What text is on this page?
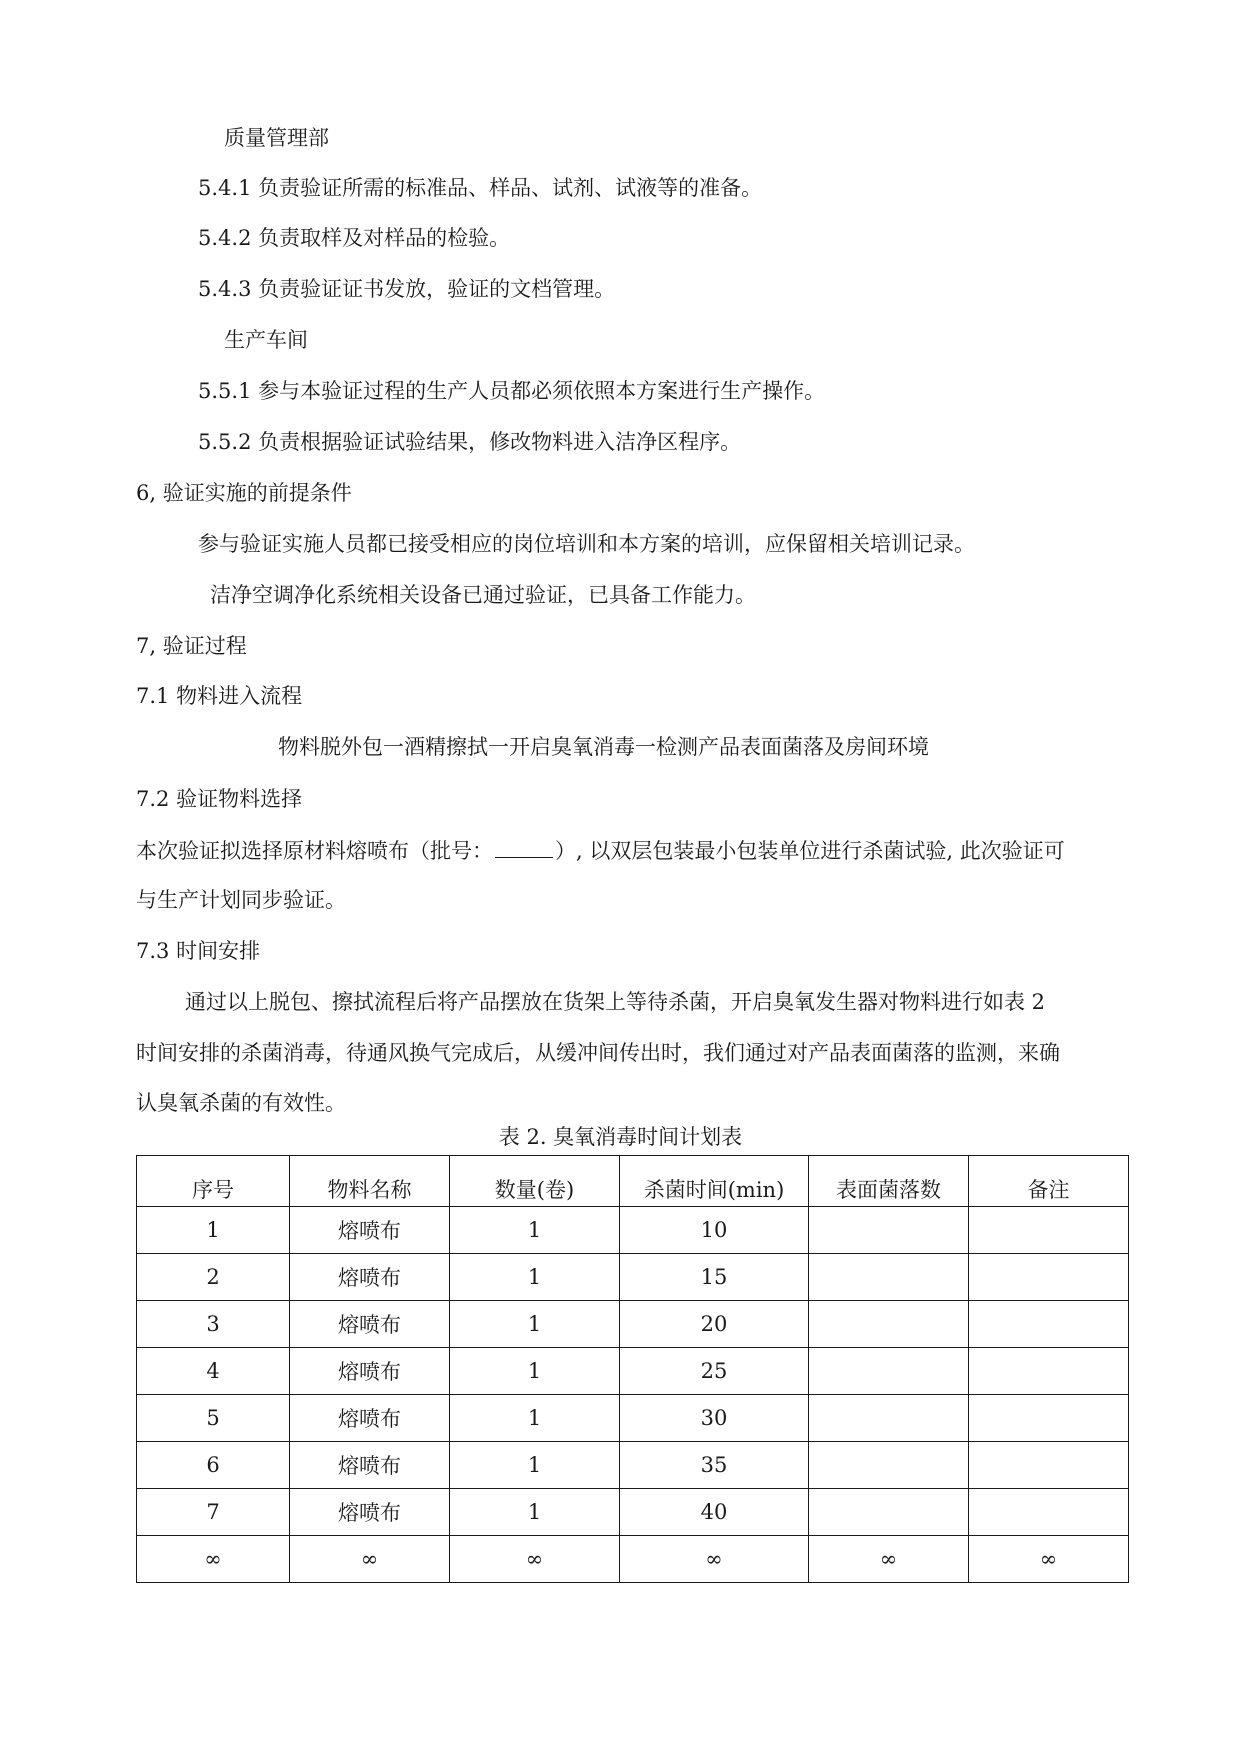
质量管理部
5.4.1 负责验证所需的标准品、样品、试剂、试液等的准备。
5.4.2 负责取样及对样品的检验。
5.4.3 负责验证证书发放，验证的文档管理。
生产车间
5.5.1 参与本验证过程的生产人员都必须依照本方案进行生产操作。
5.5.2 负责根据验证试验结果，修改物料进入洁净区程序。
6, 验证实施的前提条件
参与验证实施人员都已接受相应的岗位培训和本方案的培训，应保留相关培训记录。
洁净空调净化系统相关设备已通过验证，已具备工作能力。
7, 验证过程
7.1 物料进入流程
物料脱外包一酒精擦拭一开启臭氧消毒一检测产品表面菌落及房间环境
7.2 验证物料选择
本次验证拟选择原材料熔喷布（批号：	）, 以双层包装最小包装单位进行杀菌试验, 此次验证可
与生产计划同步验证。
7.3 时间安排
通过以上脱包、擦拭流程后将产品摆放在货架上等待杀菌，开启臭氧发生器对物料进行如表 2
时间安排的杀菌消毒，待通风换气完成后，从缓冲间传出时，我们通过对产品表面菌落的监测，来确
认臭氧杀菌的有效性。
表 2. 臭氧消毒时间计划表
序号	物料名称	数量(卷)	杀菌时间(min)	表面菌落数	备注
1	熔喷布	1	10		
2	熔喷布	1	15		
3	熔喷布	1	20		
4	熔喷布	1	25		
5	熔喷布	1	30		
6	熔喷布	1	35		
7	熔喷布	1	40		
∞	∞	∞	∞	∞	∞
